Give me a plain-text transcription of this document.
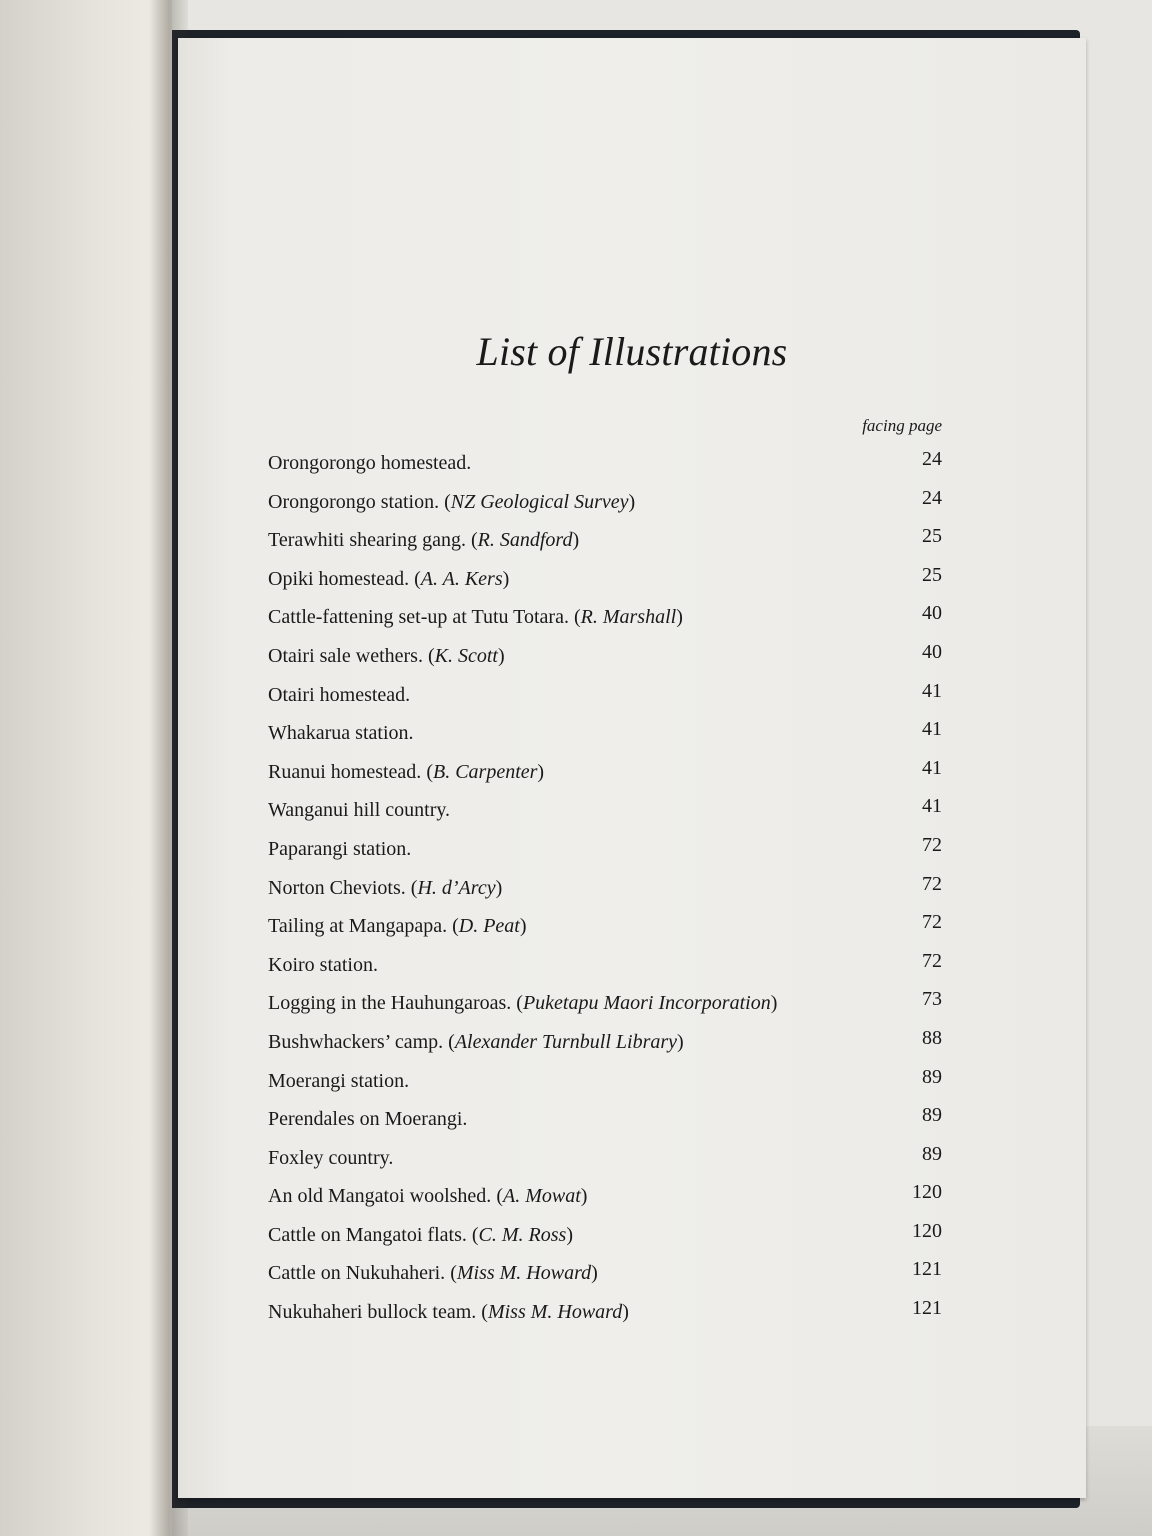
List of Illustrations
facing page
Orongorongo homestead.	24
Orongorongo station. (NZ Geological Survey)	24
Terawhiti shearing gang. (R. Sandford)	25
Opiki homestead. (A. A. Kers)	25
Cattle-fattening set-up at Tutu Totara. (R. Marshall)	40
Otairi sale wethers. (K. Scott)	40
Otairi homestead.	41
Whakarua station.	41
Ruanui homestead. (B. Carpenter)	41
Wanganui hill country.	41
Paparangi station.	72
Norton Cheviots. (H. d’Arcy)	72
Tailing at Mangapapa. (D. Peat)	72
Koiro station.	72
Logging in the Hauhungaroas. (Puketapu Maori Incorporation)	73
Bushwhackers’ camp. (Alexander Turnbull Library)	88
Moerangi station.	89
Perendales on Moerangi.	89
Foxley country.	89
An old Mangatoi woolshed. (A. Mowat)	120
Cattle on Mangatoi flats. (C. M. Ross)	120
Cattle on Nukuhaheri. (Miss M. Howard)	121
Nukuhaheri bullock team. (Miss M. Howard)	121
